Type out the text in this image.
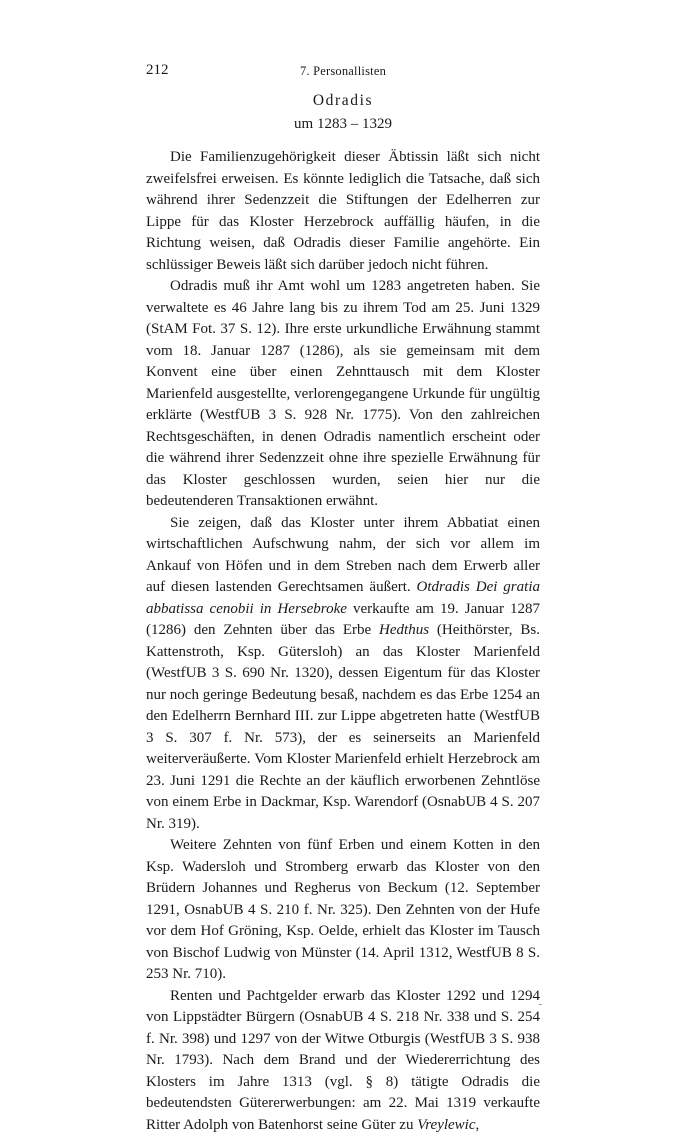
212	7. Personallisten
Odradis
um 1283 – 1329

Die Familienzugehörigkeit dieser Äbtissin läßt sich nicht zweifelsfrei erweisen. Es könnte lediglich die Tatsache, daß sich während ihrer Sedenzzeit die Stiftungen der Edelherren zur Lippe für das Kloster Herzebrock auffällig häufen, in die Richtung weisen, daß Odradis dieser Familie angehörte. Ein schlüssiger Beweis läßt sich darüber jedoch nicht führen.

Odradis muß ihr Amt wohl um 1283 angetreten haben. Sie verwaltete es 46 Jahre lang bis zu ihrem Tod am 25. Juni 1329 (StAM Fot. 37 S. 12). Ihre erste urkundliche Erwähnung stammt vom 18. Januar 1287 (1286), als sie gemeinsam mit dem Konvent eine über einen Zehnttausch mit dem Kloster Marienfeld ausgestellte, verlorengegangene Urkunde für ungültig erklärte (WestfUB 3 S. 928 Nr. 1775). Von den zahlreichen Rechtsgeschäften, in denen Odradis namentlich erscheint oder die während ihrer Sedenzzeit ohne ihre spezielle Erwähnung für das Kloster geschlossen wurden, seien hier nur die bedeutenderen Transaktionen erwähnt.

Sie zeigen, daß das Kloster unter ihrem Abbatiat einen wirtschaftlichen Aufschwung nahm, der sich vor allem im Ankauf von Höfen und in dem Streben nach dem Erwerb aller auf diesen lastenden Gerechtsamen äußert. Otdradis Dei gratia abbatissa cenobii in Hersebroke verkaufte am 19. Januar 1287 (1286) den Zehnten über das Erbe Hedthus (Heithörster, Bs. Kattenstroth, Ksp. Gütersloh) an das Kloster Marienfeld (WestfUB 3 S. 690 Nr. 1320), dessen Eigentum für das Kloster nur noch geringe Bedeutung besaß, nachdem es das Erbe 1254 an den Edelherrn Bernhard III. zur Lippe abgetreten hatte (WestfUB 3 S. 307 f. Nr. 573), der es seinerseits an Marienfeld weiterveräußerte. Vom Kloster Marienfeld erhielt Herzebrock am 23. Juni 1291 die Rechte an der käuflich erworbenen Zehntlöse von einem Erbe in Dackmar, Ksp. Warendorf (OsnabUB 4 S. 207 Nr. 319).

Weitere Zehnten von fünf Erben und einem Kotten in den Ksp. Wadersloh und Stromberg erwarb das Kloster von den Brüdern Johannes und Regherus von Beckum (12. September 1291, OsnabUB 4 S. 210 f. Nr. 325). Den Zehnten von der Hufe vor dem Hof Gröning, Ksp. Oelde, erhielt das Kloster im Tausch von Bischof Ludwig von Münster (14. April 1312, WestfUB 8 S. 253 Nr. 710).

Renten und Pachtgelder erwarb das Kloster 1292 und 1294 von Lippstädter Bürgern (OsnabUB 4 S. 218 Nr. 338 und S. 254 f. Nr. 398) und 1297 von der Witwe Otburgis (WestfUB 3 S. 938 Nr. 1793). Nach dem Brand und der Wiedererrichtung des Klosters im Jahre 1313 (vgl. § 8) tätigte Odradis die bedeutendsten Gütererwerbungen: am 22. Mai 1319 verkaufte Ritter Adolph von Batenhorst seine Güter zu Vreylewic,
